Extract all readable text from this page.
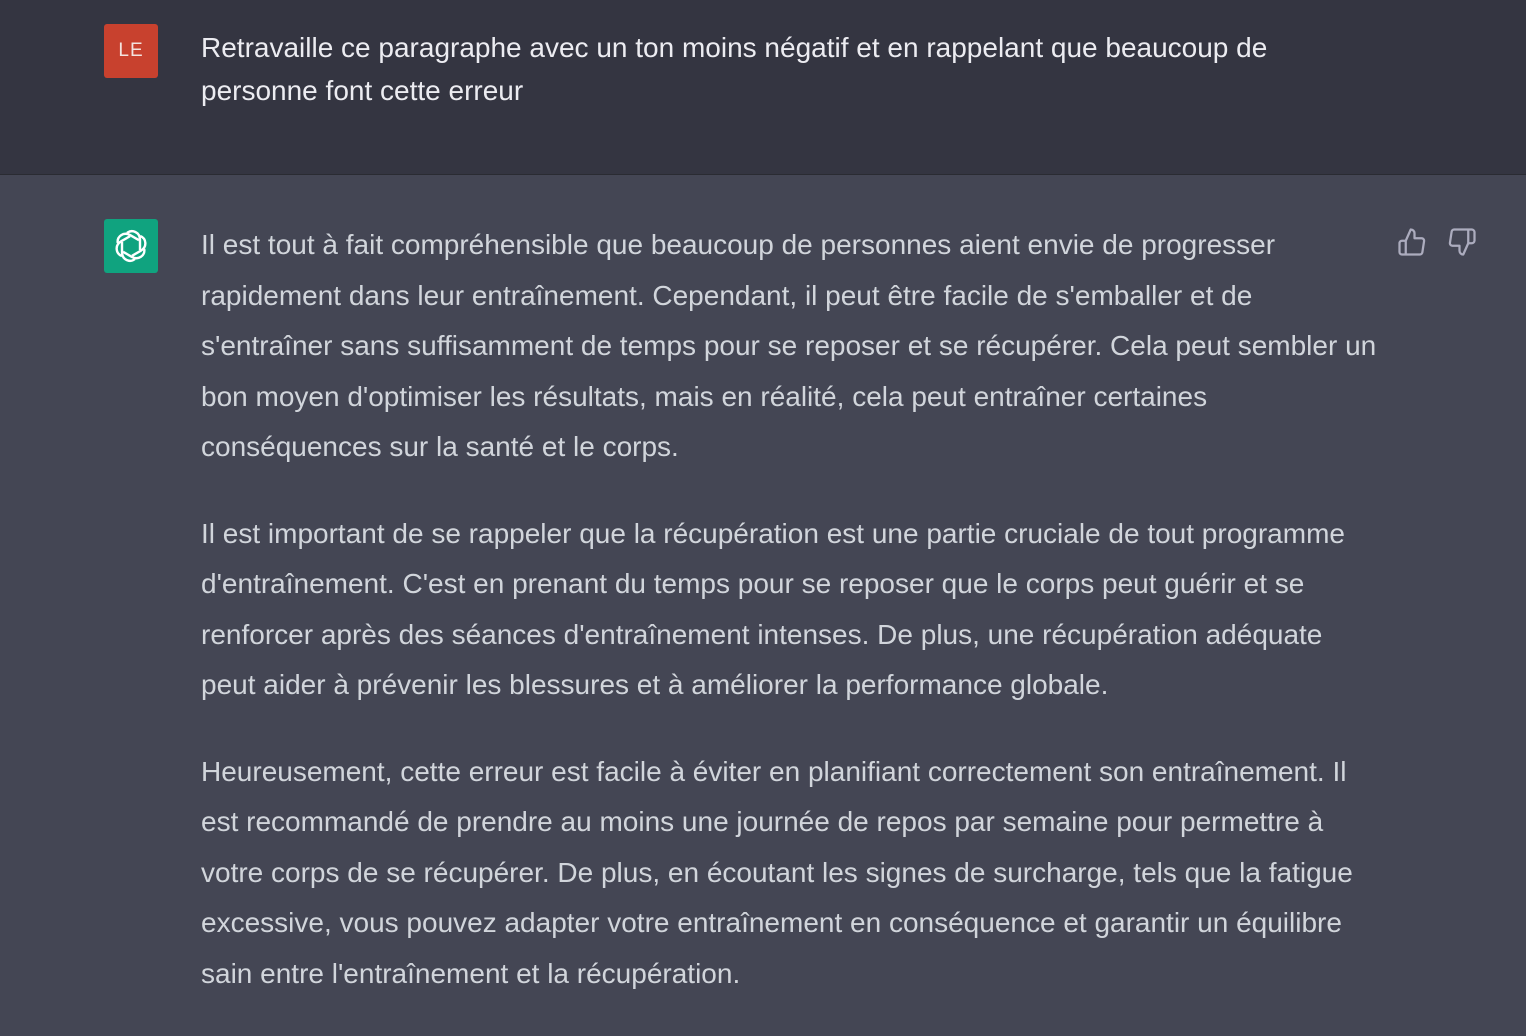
LE Retravaille ce paragraphe avec un ton moins négatif et en rappelant que beaucoup de personne font cette erreur

Il est tout à fait compréhensible que beaucoup de personnes aient envie de progresser rapidement dans leur entraînement. Cependant, il peut être facile de s'emballer et de s'entraîner sans suffisamment de temps pour se reposer et se récupérer. Cela peut sembler un bon moyen d'optimiser les résultats, mais en réalité, cela peut entraîner certaines conséquences sur la santé et le corps.

Il est important de se rappeler que la récupération est une partie cruciale de tout programme d'entraînement. C'est en prenant du temps pour se reposer que le corps peut guérir et se renforcer après des séances d'entraînement intenses. De plus, une récupération adéquate peut aider à prévenir les blessures et à améliorer la performance globale.

Heureusement, cette erreur est facile à éviter en planifiant correctement son entraînement. Il est recommandé de prendre au moins une journée de repos par semaine pour permettre à votre corps de se récupérer. De plus, en écoutant les signes de surcharge, tels que la fatigue excessive, vous pouvez adapter votre entraînement en conséquence et garantir un équilibre sain entre l'entraînement et la récupération.
